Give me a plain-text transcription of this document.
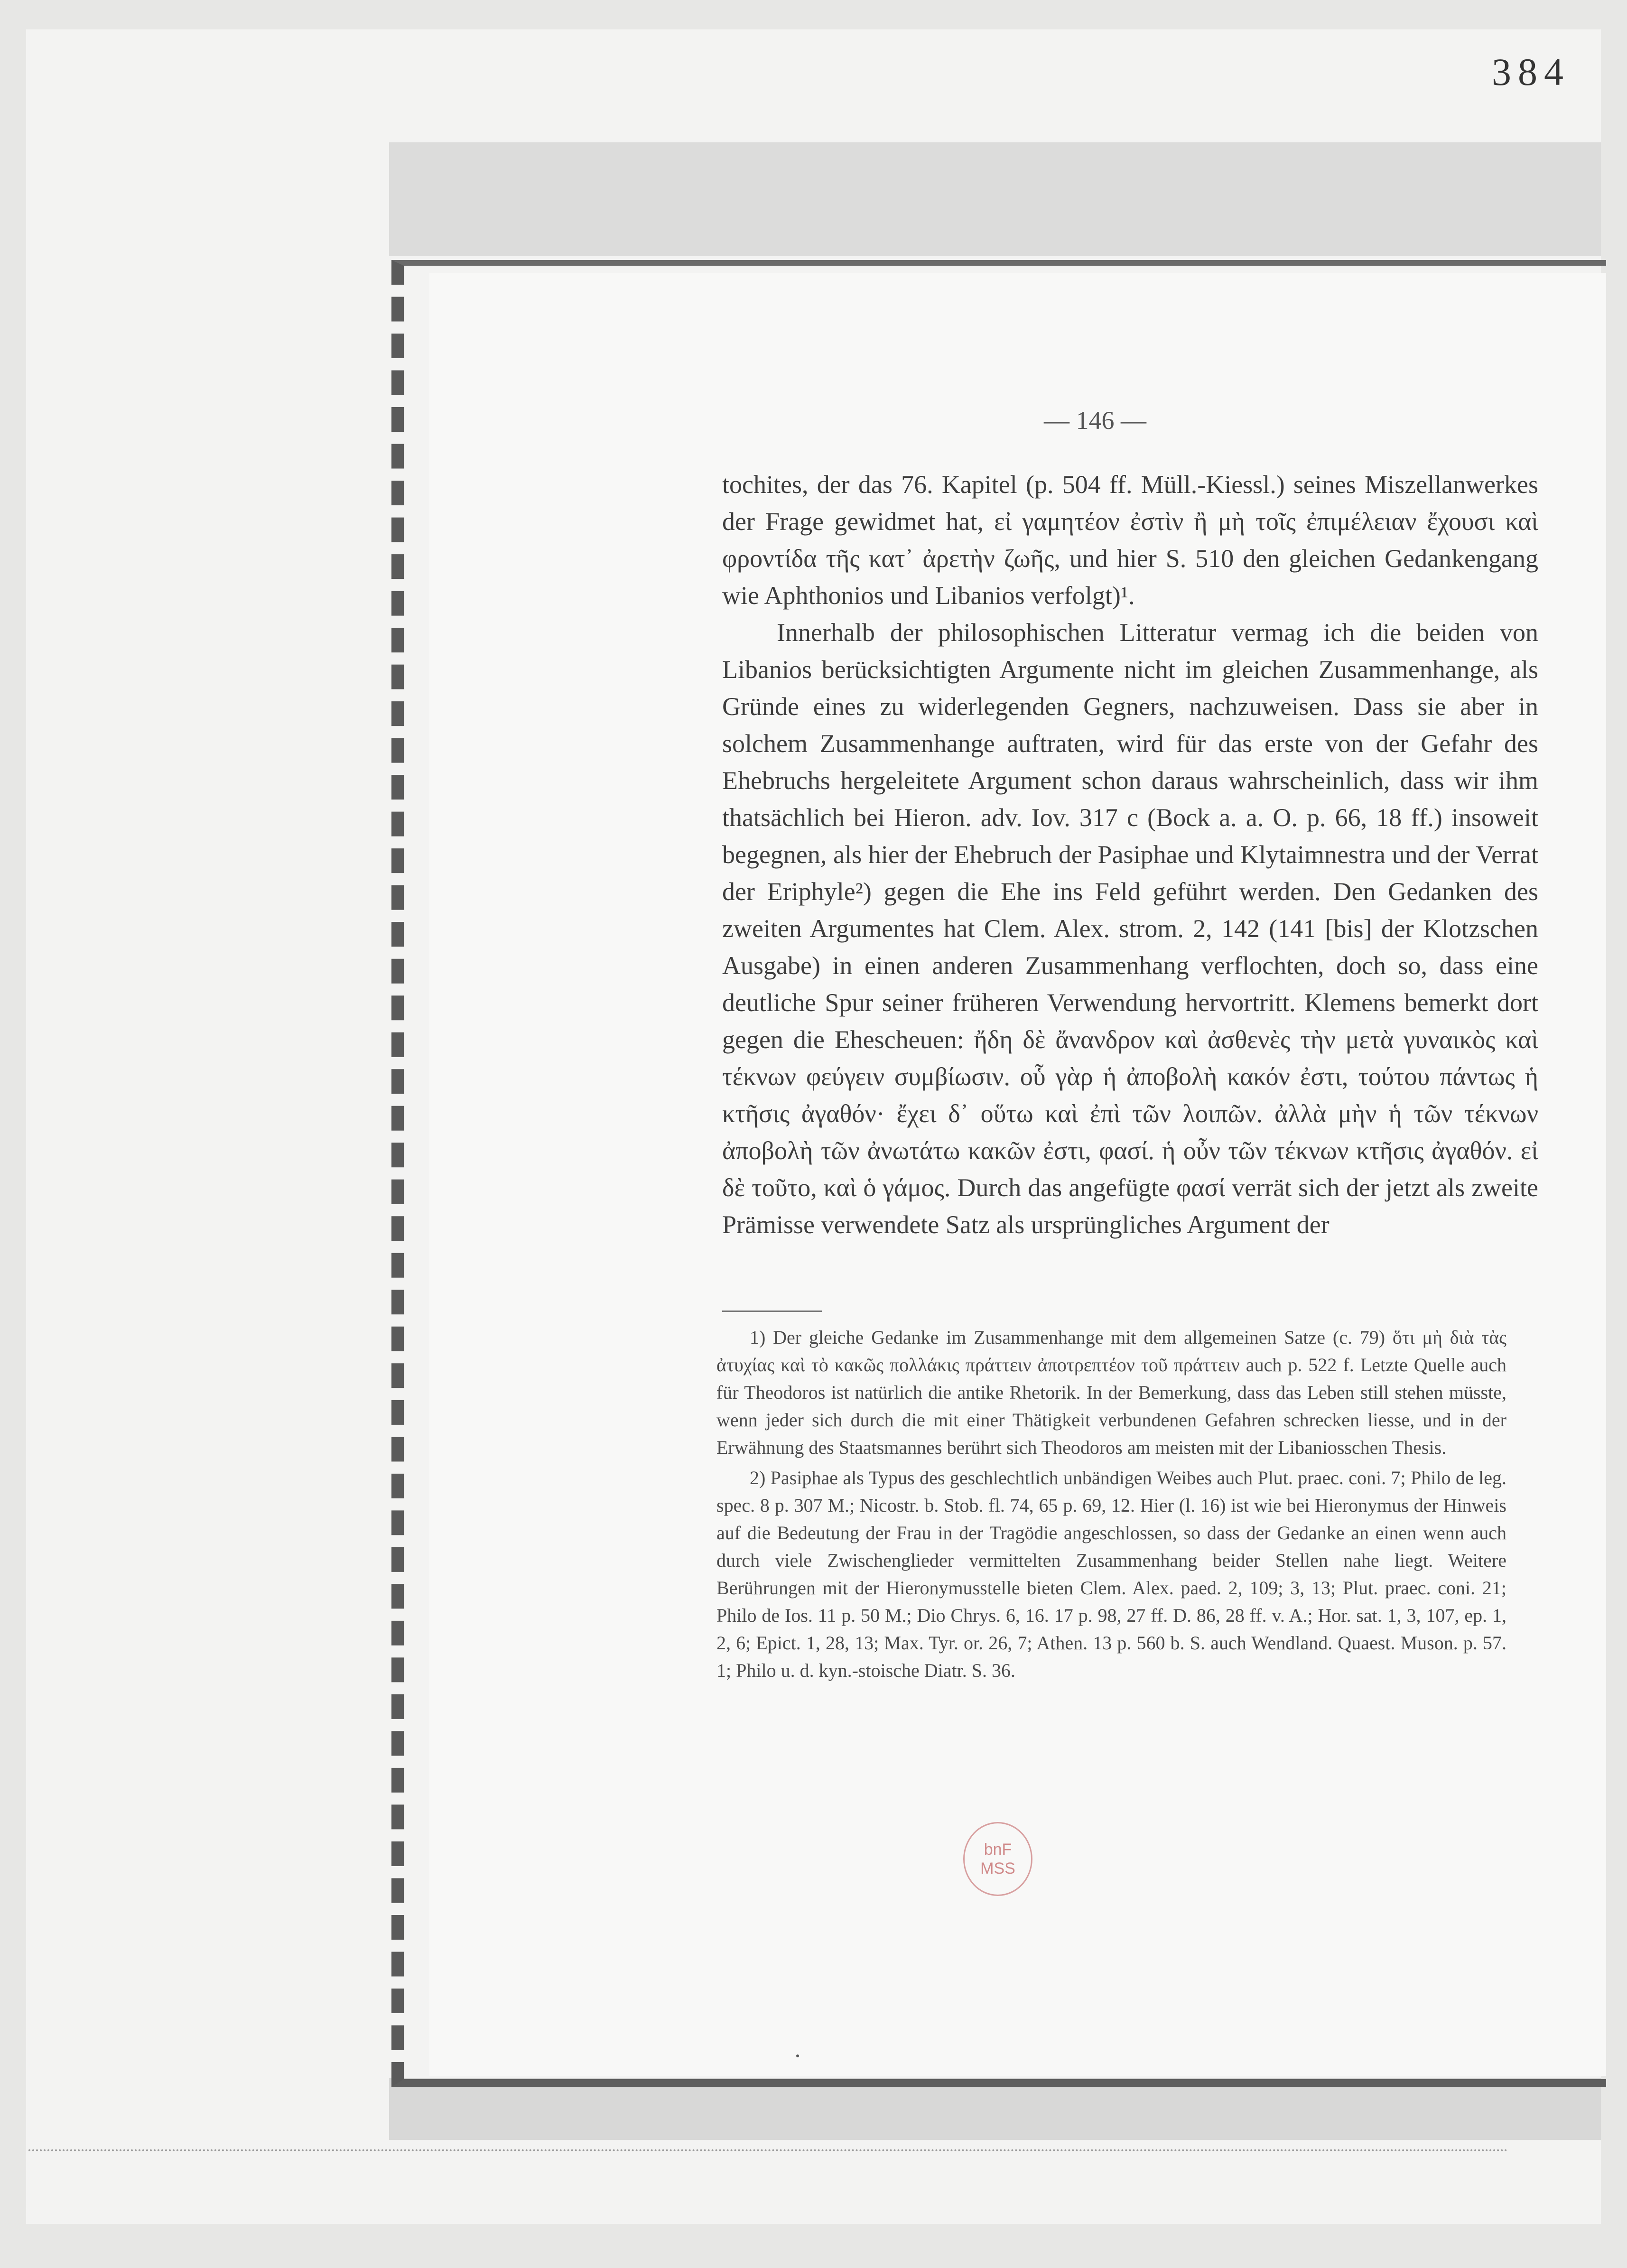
384
— 146 —

tochites, der das 76. Kapitel (p. 504 ff. Müll.-Kiessl.) seines Miszellanwerkes der Frage gewidmet hat, εἰ γαμητέον ἐστὶν ἢ μὴ τοῖς ἐπιμέλειαν ἔχουσι καὶ φροντίδα τῆς κατ᾽ ἀρετὴν ζωῆς, und hier S. 510 den gleichen Gedankengang wie Aphthonios und Libanios verfolgt)¹.

Innerhalb der philosophischen Litteratur vermag ich die beiden von Libanios berücksichtigten Argumente nicht im gleichen Zusammenhange, als Gründe eines zu widerlegenden Gegners, nachzuweisen. Dass sie aber in solchem Zusammenhange auftraten, wird für das erste von der Gefahr des Ehebruchs hergeleitete Argument schon daraus wahrscheinlich, dass wir ihm thatsächlich bei Hieron. adv. Iov. 317 c (Bock a. a. O. p. 66, 18 ff.) insoweit begegnen, als hier der Ehebruch der Pasiphae und Klytaimnestra und der Verrat der Eriphyle²) gegen die Ehe ins Feld geführt werden. Den Gedanken des zweiten Argumentes hat Clem. Alex. strom. 2, 142 (141 [bis] der Klotzschen Ausgabe) in einen anderen Zusammenhang verflochten, doch so, dass eine deutliche Spur seiner früheren Verwendung hervortritt. Klemens bemerkt dort gegen die Ehescheuen: ἤδη δὲ ἄνανδρον καὶ ἀσθενὲς τὴν μετὰ γυναικὸς καὶ τέκνων φεύγειν συμβίωσιν. οὗ γὰρ ἡ ἀποβολὴ κακόν ἐστι, τούτου πάντως ἡ κτῆσις ἀγαθόν· ἔχει δ᾽ οὕτω καὶ ἐπὶ τῶν λοιπῶν. ἀλλὰ μὴν ἡ τῶν τέκνων ἀποβολὴ τῶν ἀνωτάτω κακῶν ἐστι, φασί. ἡ οὖν τῶν τέκνων κτῆσις ἀγαθόν. εἰ δὲ τοῦτο, καὶ ὁ γάμος. Durch das angefügte φασί verrät sich der jetzt als zweite Prämisse verwendete Satz als ursprüngliches Argument der

1) Der gleiche Gedanke im Zusammenhange mit dem allgemeinen Satze (c. 79) ὅτι μὴ διὰ τὰς ἀτυχίας καὶ τὸ κακῶς πολλάκις πράττειν ἀποτρεπτέον τοῦ πράττειν auch p. 522 f. Letzte Quelle auch für Theodoros ist natürlich die antike Rhetorik. In der Bemerkung, dass das Leben still stehen müsste, wenn jeder sich durch die mit einer Thätigkeit verbundenen Gefahren schrecken liesse, und in der Erwähnung des Staatsmannes berührt sich Theodoros am meisten mit der Libaniosschen Thesis.

2) Pasiphae als Typus des geschlechtlich unbändigen Weibes auch Plut. praec. coni. 7; Philo de leg. spec. 8 p. 307 M.; Nicostr. b. Stob. fl. 74, 65 p. 69, 12. Hier (l. 16) ist wie bei Hieronymus der Hinweis auf die Bedeutung der Frau in der Tragödie angeschlossen, so dass der Gedanke an einen wenn auch durch viele Zwischenglieder vermittelten Zusammenhang beider Stellen nahe liegt. Weitere Berührungen mit der Hieronymusstelle bieten Clem. Alex. paed. 2, 109; 3, 13; Plut. praec. coni. 21; Philo de Ios. 11 p. 50 M.; Dio Chrys. 6, 16. 17 p. 98, 27 ff. D. 86, 28 ff. v. A.; Hor. sat. 1, 3, 107, ep. 1, 2, 6; Epict. 1, 28, 13; Max. Tyr. or. 26, 7; Athen. 13 p. 560 b. S. auch Wendland. Quaest. Muson. p. 57. 1; Philo u. d. kyn.-stoische Diatr. S. 36.

bnF
MSS
